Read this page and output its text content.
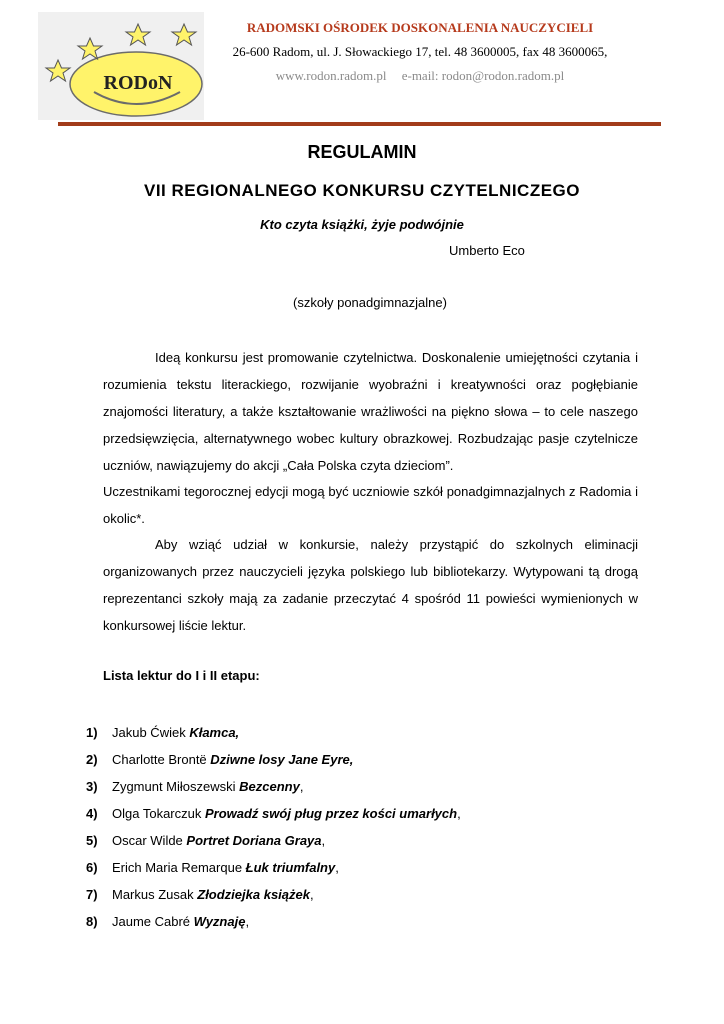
RODoN
RADOMSKI OŚRODEK DOSKONALENIA NAUCZYCIELI
26-600 Radom, ul. J. Słowackiego 17, tel. 48 3600005, fax 48 3600065,
www.rodon.radom.pl e-mail: rodon@rodon.radom.pl
REGULAMIN
VII REGIONALNEGO KONKURSU CZYTELNICZEGO
Kto czyta książki, żyje podwójnie
Umberto Eco
(szkoły ponadgimnazjalne)
Ideą konkursu jest promowanie czytelnictwa. Doskonalenie umiejętności czytania i rozumienia tekstu literackiego, rozwijanie wyobraźni i kreatywności oraz pogłębianie znajomości literatury, a także kształtowanie wrażliwości na piękno słowa – to cele naszego przedsięwzięcia, alternatywnego wobec kultury obrazkowej. Rozbudzając pasje czytelnicze uczniów, nawiązujemy do akcji „Cała Polska czyta dzieciom”.
Uczestnikami tegorocznej edycji mogą być uczniowie szkół ponadgimnazjalnych z Radomia i okolic*.
Aby wziąć udział w konkursie, należy przystąpić do szkolnych eliminacji organizowanych przez nauczycieli języka polskiego lub bibliotekarzy. Wytypowani tą drogą reprezentanci szkoły mają za zadanie przeczytać 4 spośród 11 powieści wymienionych w konkursowej liście lektur.
Lista lektur do I i II etapu:
1)	Jakub Ćwiek Kłamca,
2)	Charlotte Brontë Dziwne losy Jane Eyre,
3)	Zygmunt Miłoszewski Bezcenny ,
4)	Olga Tokarczuk Prowadź swój pług przez kości umarłych ,
5)	Oscar Wilde Portret Doriana Graya ,
6)	Erich Maria Remarque Łuk triumfalny ,
7)	Markus Zusak Złodziejka książek ,
8)	Jaume Cabré Wyznaję ,
